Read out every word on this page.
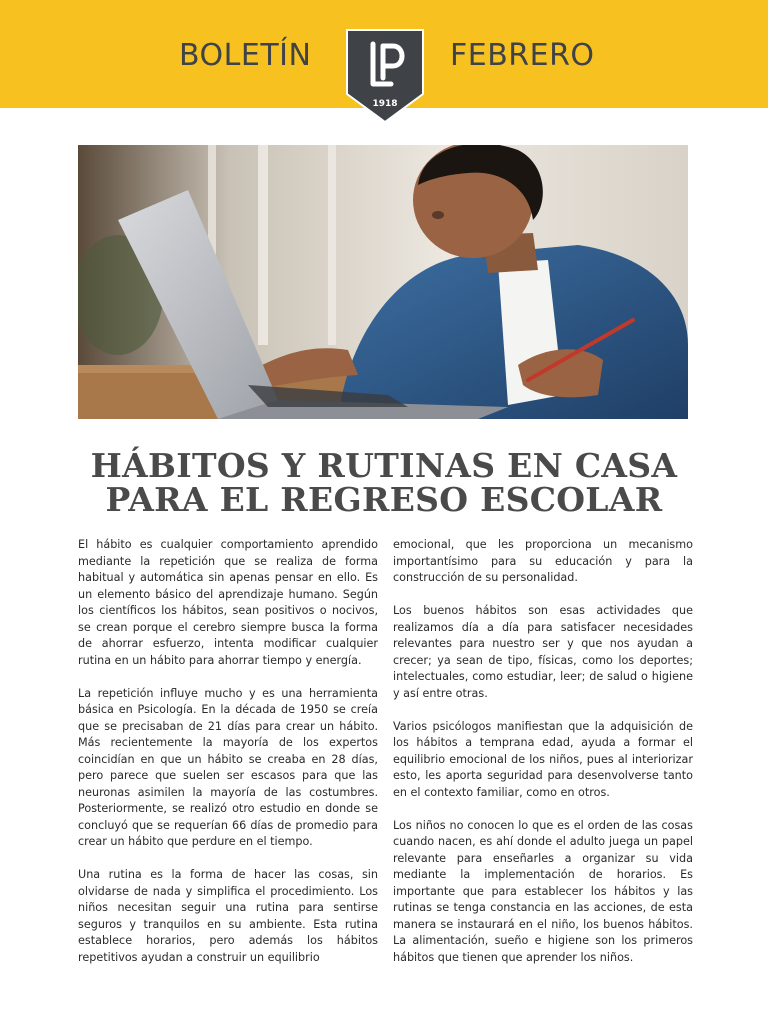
BOLETÍN	FEBRERO
1918
HÁBITOS Y RUTINAS EN CASA
PARA EL REGRESO ESCOLAR

El hábito es cualquier comportamiento aprendido mediante la repetición que se realiza de forma habitual y automática sin apenas pensar en ello. Es un elemento básico del aprendizaje humano. Según los científicos los hábitos, sean positivos o nocivos, se crean porque el cerebro siempre busca la forma de ahorrar esfuerzo, intenta modificar cualquier rutina en un hábito para ahorrar tiempo y energía.

La repetición influye mucho y es una herramienta básica en Psicología. En la década de 1950 se creía que se precisaban de 21 días para crear un hábito. Más recientemente la mayoría de los expertos coincidían en que un hábito se creaba en 28 días, pero parece que suelen ser escasos para que las neuronas asimilen la mayoría de las costumbres. Posteriormente, se realizó otro estudio en donde se concluyó que se requerían 66 días de promedio para crear un hábito que perdure en el tiempo.

Una rutina es la forma de hacer las cosas, sin olvidarse de nada y simplifica el procedimiento. Los niños necesitan seguir una rutina para sentirse seguros y tranquilos en su ambiente. Esta rutina establece horarios, pero además los hábitos repetitivos ayudan a construir un equilibrio

emocional, que les proporciona un mecanismo importantísimo para su educación y para la construcción de su personalidad.

Los buenos hábitos son esas actividades que realizamos día a día para satisfacer necesidades relevantes para nuestro ser y que nos ayudan a crecer; ya sean de tipo, físicas, como los deportes; intelectuales, como estudiar, leer; de salud o higiene y así entre otras.

Varios psicólogos manifiestan que la adquisición de los hábitos a temprana edad, ayuda a formar el equilibrio emocional de los niños, pues al interiorizar esto, les aporta seguridad para desenvolverse tanto en el contexto familiar, como en otros.

Los niños no conocen lo que es el orden de las cosas cuando nacen, es ahí donde el adulto juega un papel relevante para enseñarles a organizar su vida mediante la implementación de horarios. Es importante que para establecer los hábitos y las rutinas se tenga constancia en las acciones, de esta manera se instaurará en el niño, los buenos hábitos. La alimentación, sueño e higiene son los primeros hábitos que tienen que aprender los niños.
